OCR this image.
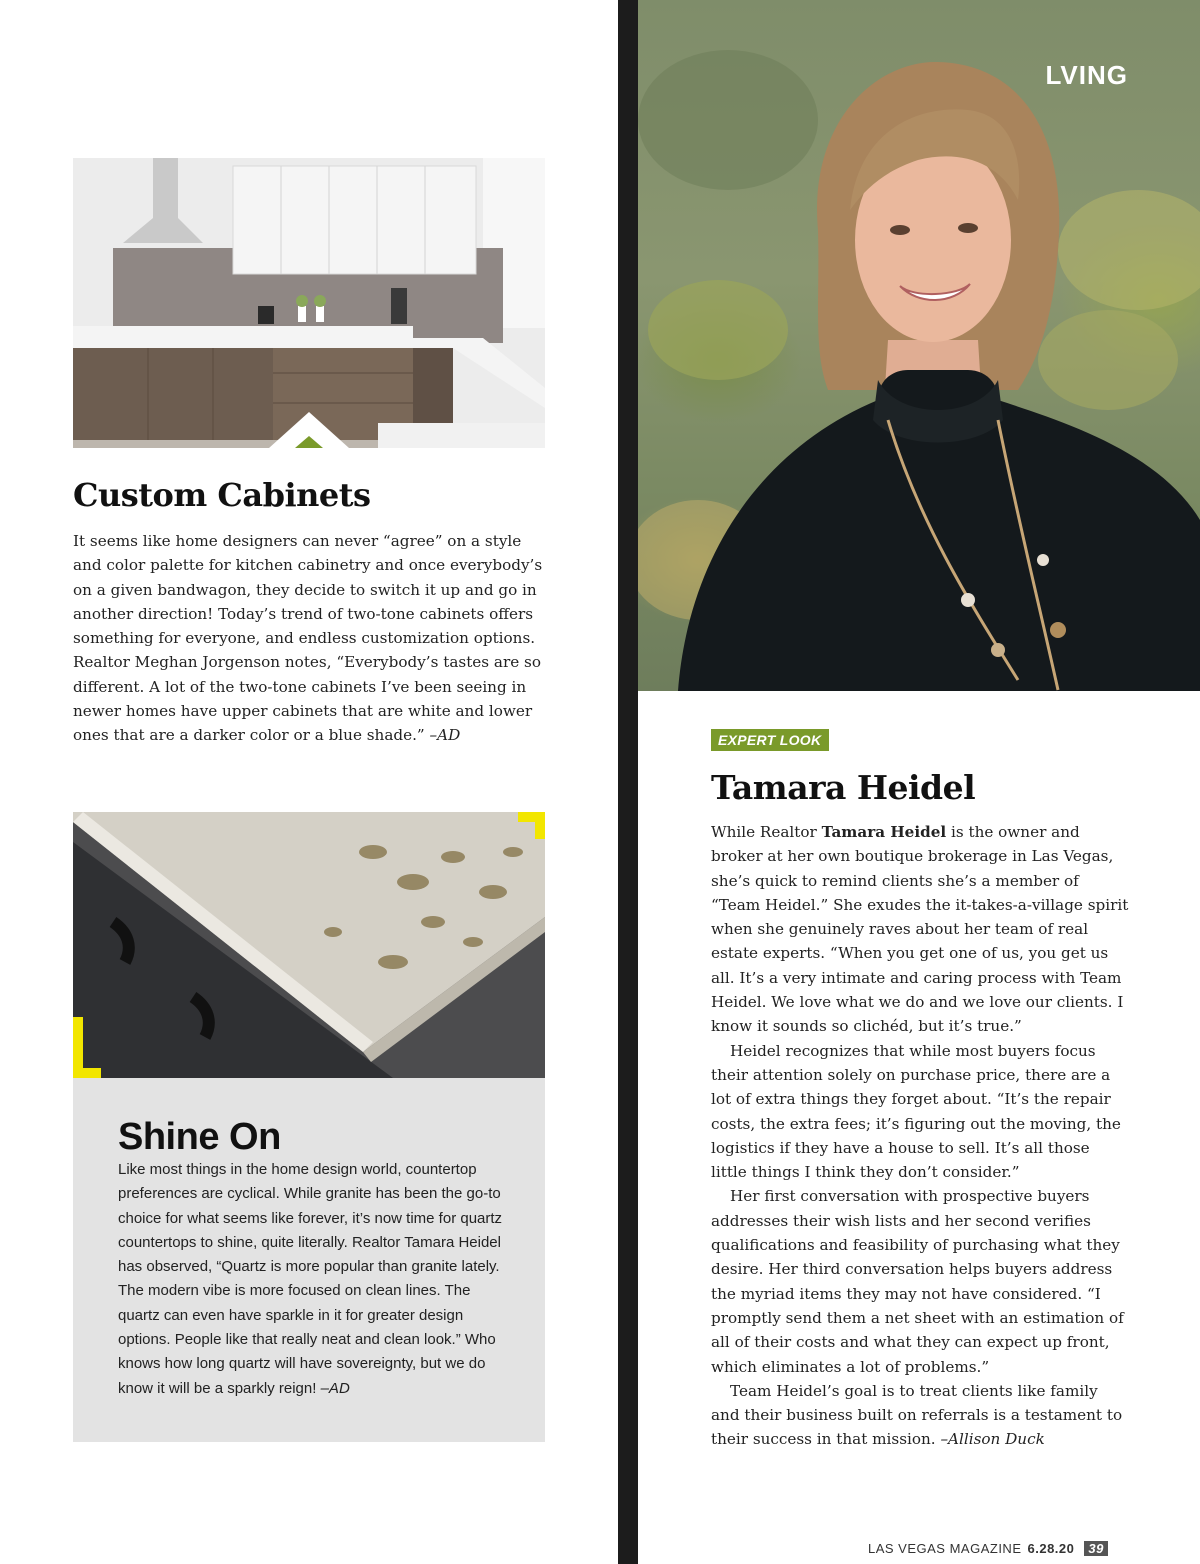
LVING
Custom Cabinets

It seems like home designers can never “agree” on a style and color palette for kitchen cabinetry and once everybody’s on a given bandwagon, they decide to switch it up and go in another direction! Today’s trend of two-tone cabinets offers something for everyone, and endless customization options. Realtor Meghan Jorgenson notes, “Everybody’s tastes are so different. A lot of the two-tone cabinets I’ve been seeing in newer homes have upper cabinets that are white and lower ones that are a darker color or a blue shade.” –AD

Shine On

Like most things in the home design world, countertop preferences are cyclical. While granite has been the go-to choice for what seems like forever, it’s now time for quartz countertops to shine, quite literally. Realtor Tamara Heidel has observed, “Quartz is more popular than granite lately. The modern vibe is more focused on clean lines. The quartz can even have sparkle in it for greater design options. People like that really neat and clean look.” Who knows how long quartz will have sovereignty, but we do know it will be a sparkly reign! –AD

EXPERT LOOK
Tamara Heidel

While Realtor Tamara Heidel is the owner and broker at her own boutique brokerage in Las Vegas, she’s quick to remind clients she’s a member of “Team Heidel.” She exudes the it-takes-a-village spirit when she genuinely raves about her team of real estate experts. “When you get one of us, you get us all. It’s a very intimate and caring process with Team Heidel. We love what we do and we love our clients. I know it sounds so clichéd, but it’s true.”

Heidel recognizes that while most buyers focus their attention solely on purchase price, there are a lot of extra things they forget about. “It’s the repair costs, the extra fees; it’s figuring out the moving, the logistics if they have a house to sell. It’s all those little things I think they don’t consider.”

Her first conversation with prospective buyers addresses their wish lists and her second verifies qualifications and feasibility of purchasing what they desire. Her third conversation helps buyers address the myriad items they may not have considered. “I promptly send them a net sheet with an estimation of all of their costs and what they can expect up front, which eliminates a lot of problems.”

Team Heidel’s goal is to treat clients like family and their business built on referrals is a testament to their success in that mission. –Allison Duck

LAS VEGAS MAGAZINE 6.28.20 39
